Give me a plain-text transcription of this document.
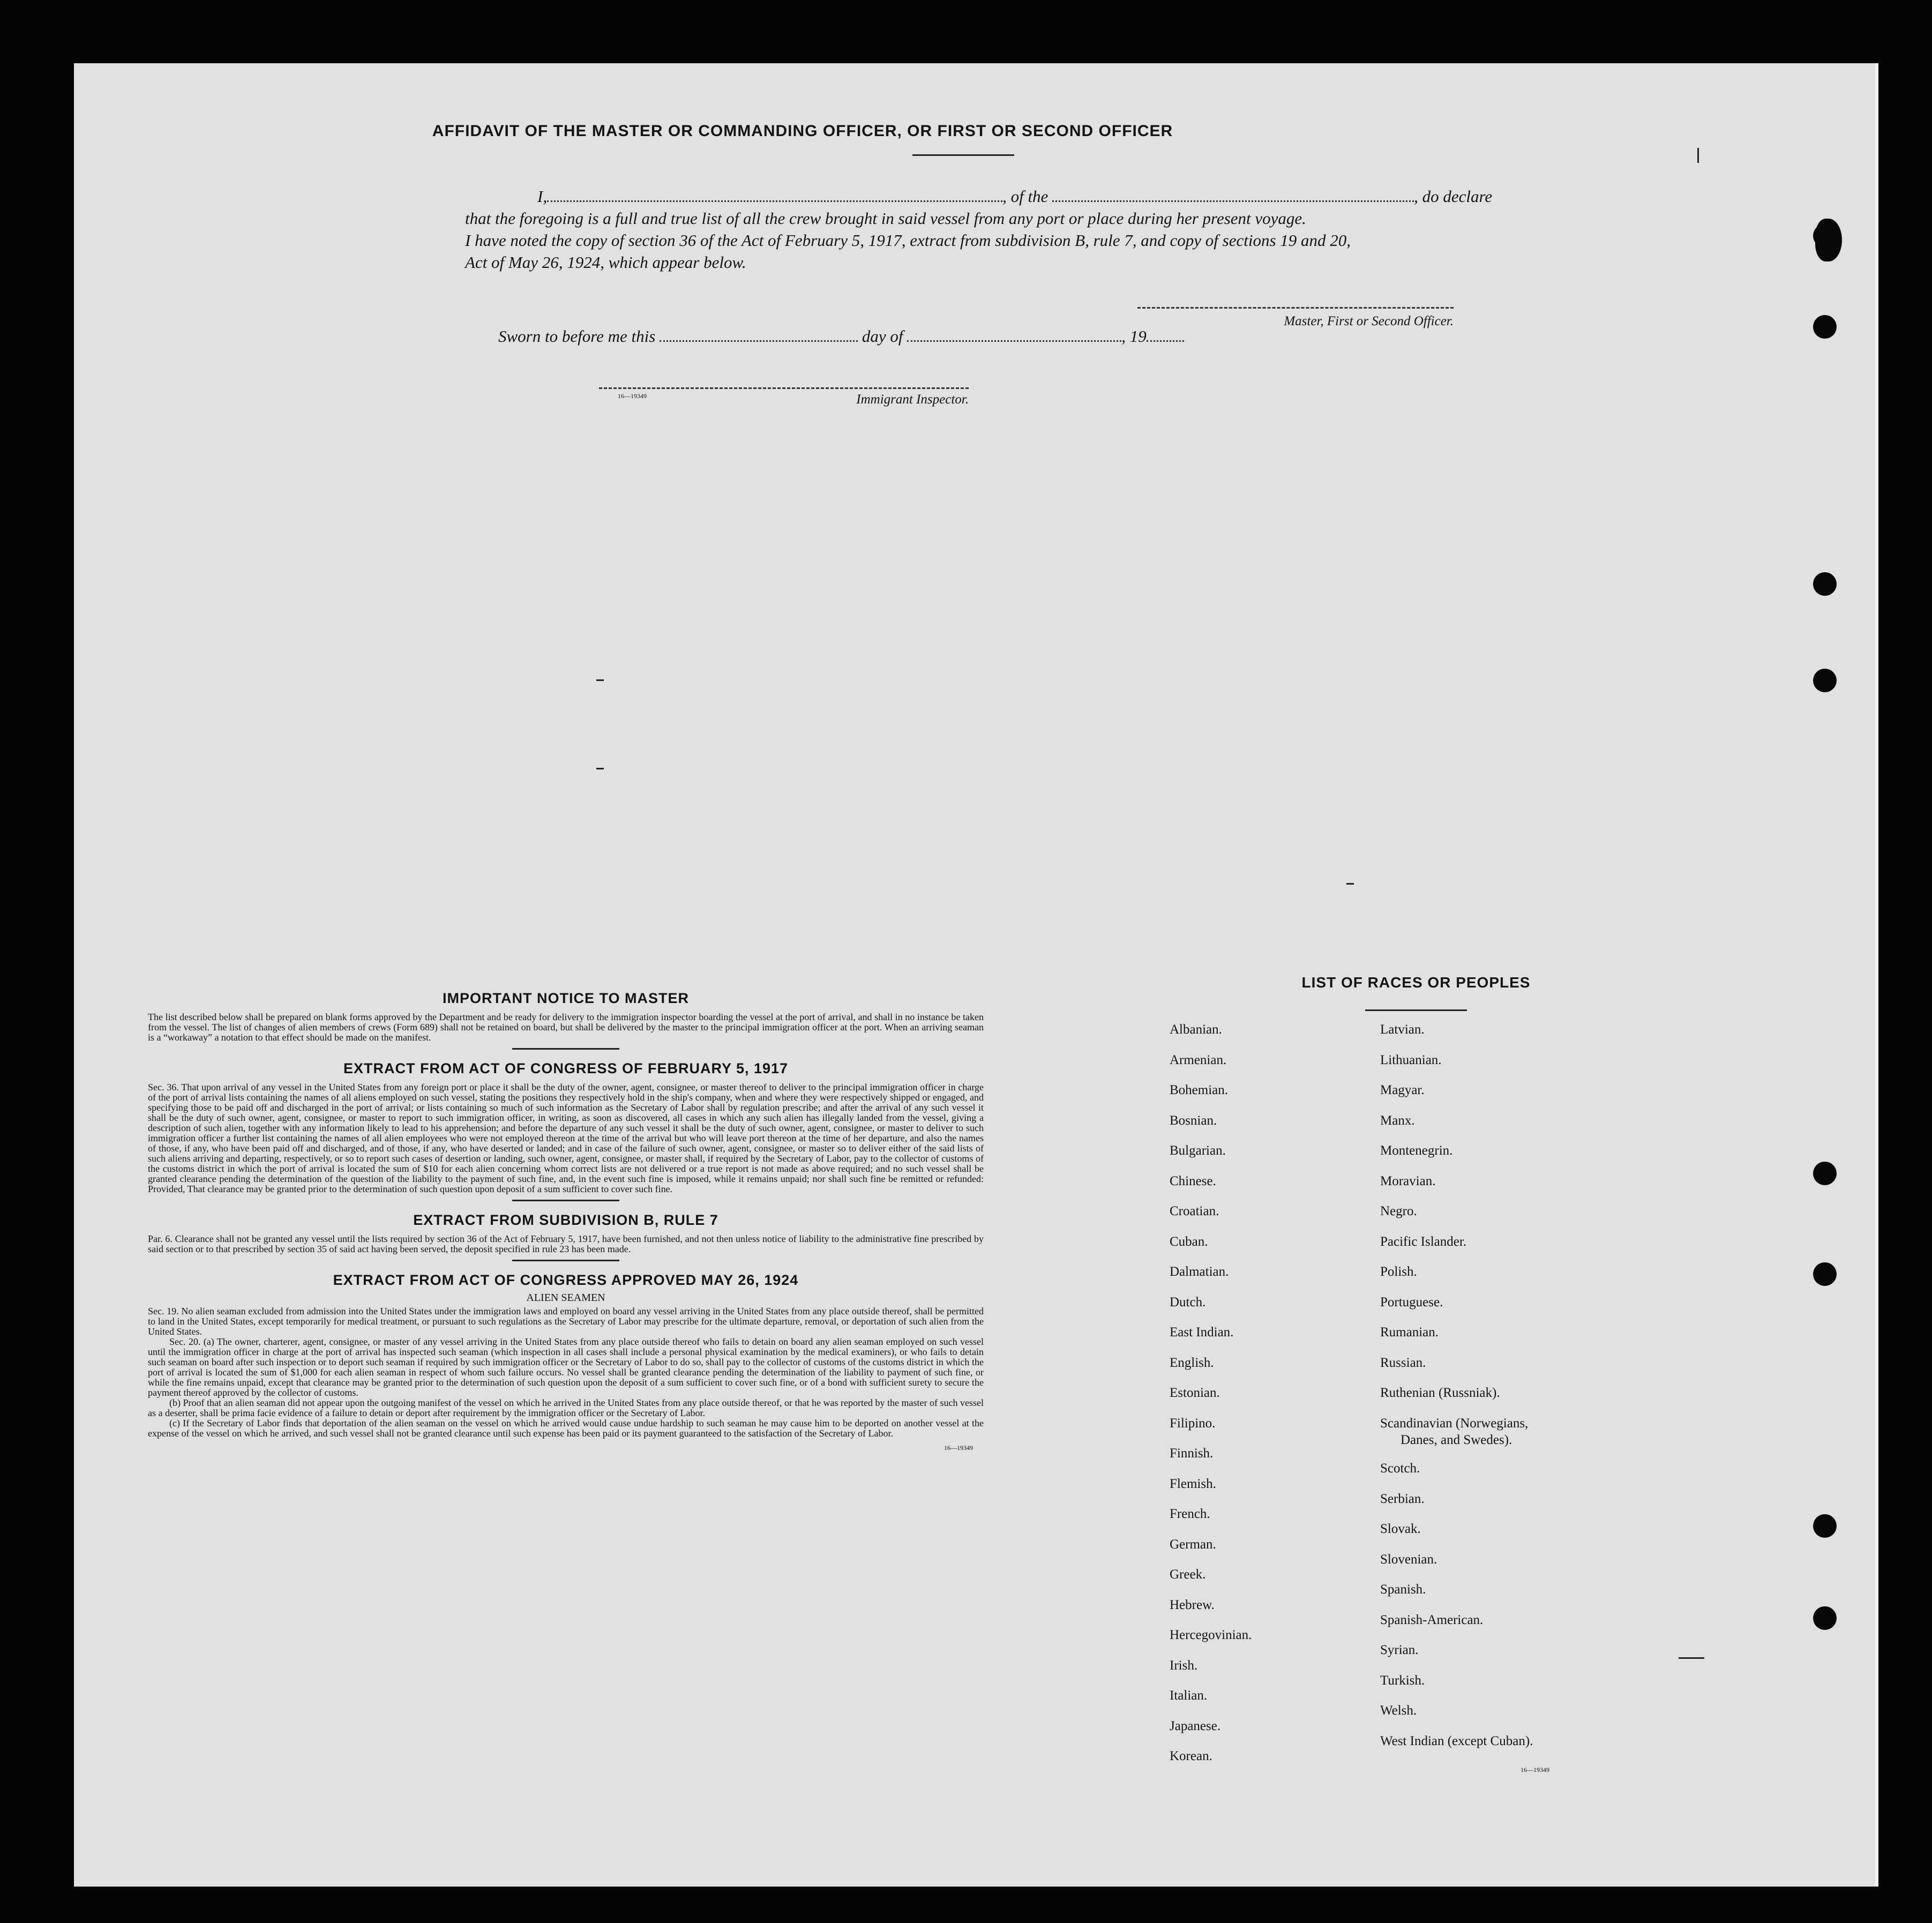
AFFIDAVIT OF THE MASTER OR COMMANDING OFFICER, OR FIRST OR SECOND OFFICER

I,	, of the	, do declare

that the foregoing is a full and true list of all the crew brought in said vessel from any port or place during her present voyage.

I have noted the copy of section 36 of the Act of February 5, 1917, extract from subdivision B, rule 7, and copy of sections 19 and 20,

Act of May 26, 1924, which appear below.

Master, First or Second Officer.
Sworn to before me this	day of	, 19
16—19349	Immigrant Inspector.
IMPORTANT NOTICE TO MASTER

The list described below shall be prepared on blank forms approved by the Department and be ready for delivery to the immigration inspector boarding the vessel at the port of arrival, and shall in no instance be taken from the vessel. The list of changes of alien members of crews (Form 689) shall not be retained on board, but shall be delivered by the master to the principal immigration officer at the port. When an arriving seaman is a “workaway” a notation to that effect should be made on the manifest.

EXTRACT FROM ACT OF CONGRESS OF FEBRUARY 5, 1917

Sec. 36. That upon arrival of any vessel in the United States from any foreign port or place it shall be the duty of the owner, agent, consignee, or master thereof to deliver to the principal immigration officer in charge of the port of arrival lists containing the names of all aliens employed on such vessel, stating the positions they respectively hold in the ship's company, when and where they were respectively shipped or engaged, and specifying those to be paid off and discharged in the port of arrival; or lists containing so much of such information as the Secretary of Labor shall by regulation prescribe; and after the arrival of any such vessel it shall be the duty of such owner, agent, consignee, or master to report to such immigration officer, in writing, as soon as discovered, all cases in which any such alien has illegally landed from the vessel, giving a description of such alien, together with any information likely to lead to his apprehension; and before the departure of any such vessel it shall be the duty of such owner, agent, consignee, or master to deliver to such immigration officer a further list containing the names of all alien employees who were not employed thereon at the time of the arrival but who will leave port thereon at the time of her departure, and also the names of those, if any, who have been paid off and discharged, and of those, if any, who have deserted or landed; and in case of the failure of such owner, agent, consignee, or master so to deliver either of the said lists of such aliens arriving and departing, respectively, or so to report such cases of desertion or landing, such owner, agent, consignee, or master shall, if required by the Secretary of Labor, pay to the collector of customs of the customs district in which the port of arrival is located the sum of $10 for each alien concerning whom correct lists are not delivered or a true report is not made as above required; and no such vessel shall be granted clearance pending the determination of the question of the liability to the payment of such fine, and, in the event such fine is imposed, while it remains unpaid; nor shall such fine be remitted or refunded: Provided, That clearance may be granted prior to the determination of such question upon deposit of a sum sufficient to cover such fine.

EXTRACT FROM SUBDIVISION B, RULE 7

Par. 6. Clearance shall not be granted any vessel until the lists required by section 36 of the Act of February 5, 1917, have been furnished, and not then unless notice of liability to the administrative fine prescribed by said section or to that prescribed by section 35 of said act having been served, the deposit specified in rule 23 has been made.

EXTRACT FROM ACT OF CONGRESS APPROVED MAY 26, 1924
ALIEN SEAMEN

Sec. 19. No alien seaman excluded from admission into the United States under the immigration laws and employed on board any vessel arriving in the United States from any place outside thereof, shall be permitted to land in the United States, except temporarily for medical treatment, or pursuant to such regulations as the Secretary of Labor may prescribe for the ultimate departure, removal, or deportation of such alien from the United States.

Sec. 20. (a) The owner, charterer, agent, consignee, or master of any vessel arriving in the United States from any place outside thereof who fails to detain on board any alien seaman employed on such vessel until the immigration officer in charge at the port of arrival has inspected such seaman (which inspection in all cases shall include a personal physical examination by the medical examiners), or who fails to detain such seaman on board after such inspection or to deport such seaman if required by such immigration officer or the Secretary of Labor to do so, shall pay to the collector of customs of the customs district in which the port of arrival is located the sum of $1,000 for each alien seaman in respect of whom such failure occurs. No vessel shall be granted clearance pending the determination of the liability to payment of such fine, or while the fine remains unpaid, except that clearance may be granted prior to the determination of such question upon the deposit of a sum sufficient to cover such fine, or of a bond with sufficient surety to secure the payment thereof approved by the collector of customs.

(b) Proof that an alien seaman did not appear upon the outgoing manifest of the vessel on which he arrived in the United States from any place outside thereof, or that he was reported by the master of such vessel as a deserter, shall be prima facie evidence of a failure to detain or deport after requirement by the immigration officer or the Secretary of Labor.

(c) If the Secretary of Labor finds that deportation of the alien seaman on the vessel on which he arrived would cause undue hardship to such seaman he may cause him to be deported on another vessel at the expense of the vessel on which he arrived, and such vessel shall not be granted clearance until such expense has been paid or its payment guaranteed to the satisfaction of the Secretary of Labor.

16—19349
LIST OF RACES OR PEOPLES
Albanian.
Armenian.
Bohemian.
Bosnian.
Bulgarian.
Chinese.
Croatian.
Cuban.
Dalmatian.
Dutch.
East Indian.
English.
Estonian.
Filipino.
Finnish.
Flemish.
French.
German.
Greek.
Hebrew.
Hercegovinian.
Irish.
Italian.
Japanese.
Korean.
Latvian.
Lithuanian.
Magyar.
Manx.
Montenegrin.
Moravian.
Negro.
Pacific Islander.
Polish.
Portuguese.
Rumanian.
Russian.
Ruthenian (Russniak).
Scandinavian (Norwegians,
Danes, and Swedes).
Scotch.
Serbian.
Slovak.
Slovenian.
Spanish.
Spanish-American.
Syrian.
Turkish.
Welsh.
West Indian (except Cuban).
16—19349
